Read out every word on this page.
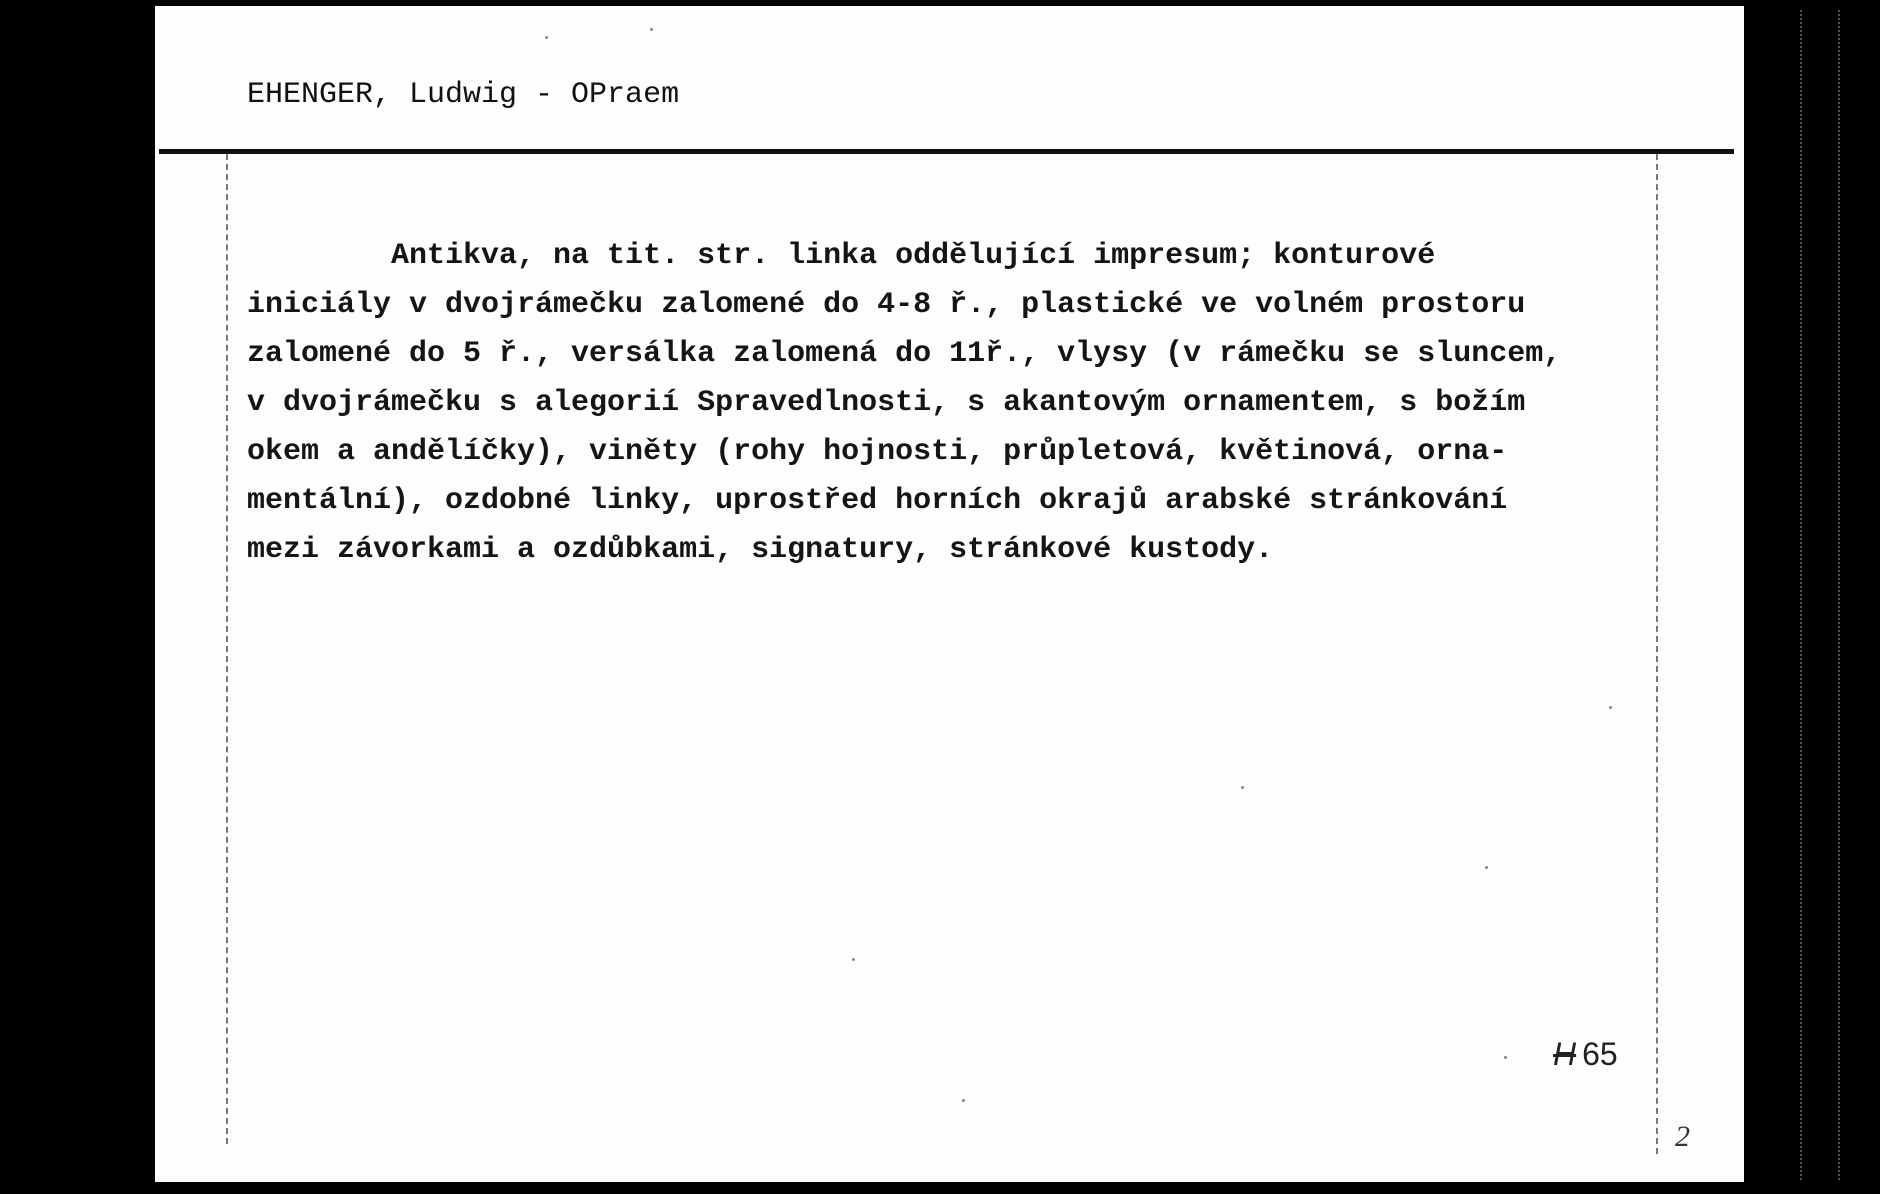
EHENGER, Ludwig - OPraem
Antikva, na tit. str. linka oddělující impresum; konturové
iniciály v dvojrámečku zalomené do 4-8 ř., plastické ve volném prostoru
zalomené do 5 ř., versálka zalomená do 11ř., vlysy (v rámečku se sluncem,
v dvojrámečku s alegorií Spravedlnosti, s akantovým ornamentem, s božím
okem a andělíčky), viněty (rohy hojnosti, průpletová, květinová, orna-
mentální), ozdobné linky, uprostřed horních okrajů arabské stránkování
mezi závorkami a ozdůbkami, signatury, stránkové kustody.
H 65
2
